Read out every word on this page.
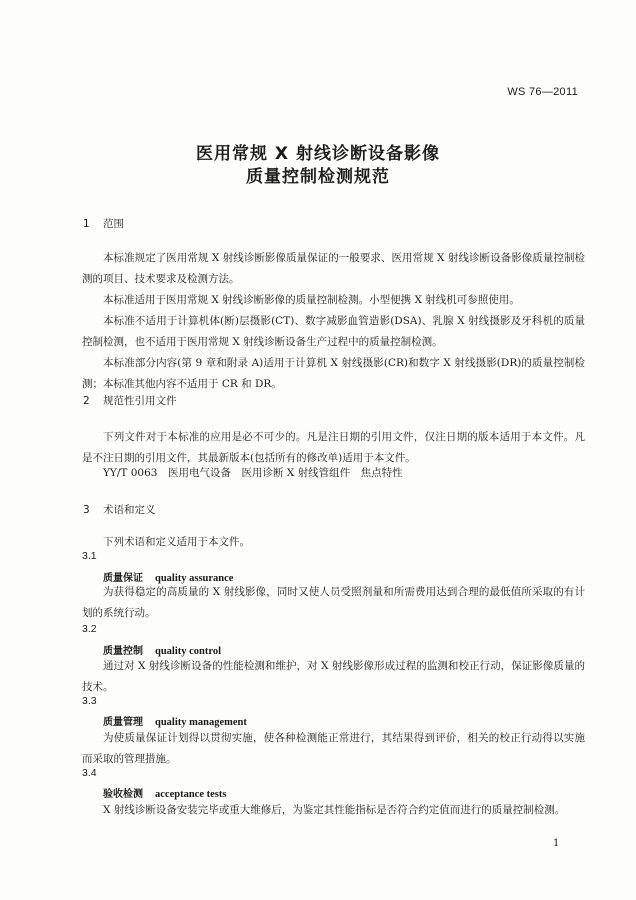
WS 76—2011
医用常规 X 射线诊断设备影像
质量控制检测规范
1 范围

本标准规定了医用常规 X 射线诊断影像质量保证的一般要求、医用常规 X 射线诊断设备影像质量控制检测的项目、技术要求及检测方法。

本标准适用于医用常规 X 射线诊断影像的质量控制检测。小型便携 X 射线机可参照使用。

本标准不适用于计算机体(断)层摄影(CT)、数字减影血管造影(DSA)、乳腺 X 射线摄影及牙科机的质量控制检测，也不适用于医用常规 X 射线诊断设备生产过程中的质量控制检测。

本标准部分内容(第 9 章和附录 A)适用于计算机 X 射线摄影(CR)和数字 X 射线摄影(DR)的质量控制检测；本标准其他内容不适用于 CR 和 DR。

2 规范性引用文件

下列文件对于本标准的应用是必不可少的。凡是注日期的引用文件，仅注日期的版本适用于本文件。凡是不注日期的引用文件，其最新版本(包括所有的修改单)适用于本文件。

YY/T 0063　医用电气设备　医用诊断 X 射线管组件　焦点特性
3 术语和定义
下列术语和定义适用于本文件。
3.1
质量保证 quality assurance

为获得稳定的高质量的 X 射线影像，同时又使人员受照剂量和所需费用达到合理的最低值所采取的有计划的系统行动。

3.2
质量控制 quality control

通过对 X 射线诊断设备的性能检测和维护，对 X 射线影像形成过程的监测和校正行动，保证影像质量的技术。

3.3
质量管理 quality management

为使质量保证计划得以贯彻实施，使各种检测能正常进行，其结果得到评价，相关的校正行动得以实施而采取的管理措施。

3.4
验收检测 acceptance tests

X 射线诊断设备安装完毕或重大维修后，为鉴定其性能指标是否符合约定值而进行的质量控制检测。

1
